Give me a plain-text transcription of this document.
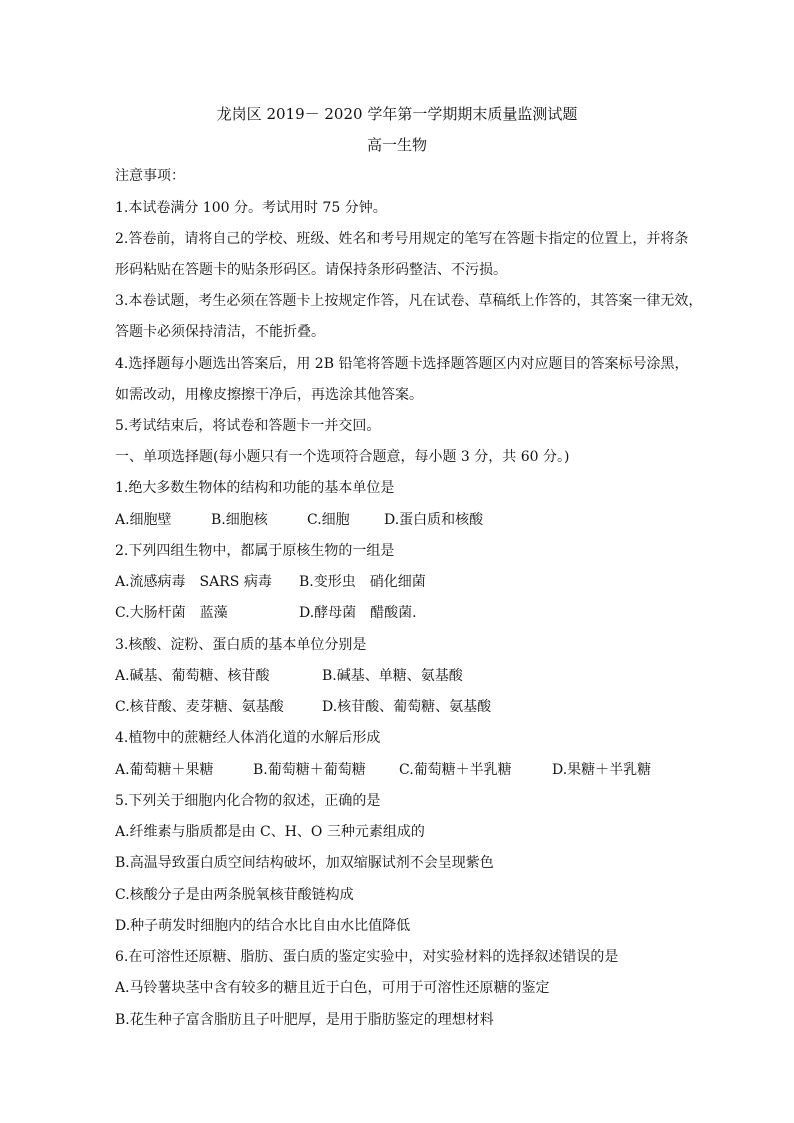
龙岗区 2019－ 2020 学年第一学期期末质量监测试题
高一生物
注意事项：
1.本试卷满分 100 分。考试用时 75 分钟。
2.答卷前，请将自己的学校、班级、姓名和考号用规定的笔写在答题卡指定的位置上，并将条
形码粘贴在答题卡的贴条形码区。请保持条形码整洁、不污损。
3.本卷试题，考生必须在答题卡上按规定作答，凡在试卷、草稿纸上作答的，其答案一律无效，
答题卡必须保持清洁，不能折叠。
4.选择题每小题选出答案后，用 2B 铅笔将答题卡选择题答题区内对应题目的答案标号涂黑，
如需改动，用橡皮擦擦干净后，再选涂其他答案。
5.考试结束后，将试卷和答题卡一并交回。
一、单项选择题(每小题只有一个选项符合题意，每小题 3 分，共 60 分。)
1.绝大多数生物体的结构和功能的基本单位是
A.细胞壁	B.细胞核	C.细胞 D.蛋白质和核酸
2.下列四组生物中，都属于原核生物的一组是
A.流感病毒　SARS 病毒 B.变形虫　硝化细菌
C.大肠杆菌　蓝藻	D.酵母菌　醋酸菌.
3.核酸、淀粉、蛋白质的基本单位分别是
A.碱基、葡萄糖、核苷酸	B.碱基、单糖、氨基酸
C.核苷酸、麦芽糖、氨基酸	D.核苷酸、葡萄糖、氨基酸
4.植物中的蔗糖经人体消化道的水解后形成
A.葡萄糖＋果糖	B.葡萄糖＋葡萄糖 C.葡萄糖＋半乳糖	D.果糖＋半乳糖
5.下列关于细胞内化合物的叙述，正确的是
A.纤维素与脂质都是由 C、H、O 三种元素组成的
B.高温导致蛋白质空间结构破坏，加双缩脲试剂不会呈现紫色
C.核酸分子是由两条脱氧核苷酸链构成
D.种子萌发时细胞内的结合水比自由水比值降低
6.在可溶性还原糖、脂肪、蛋白质的鉴定实验中，对实验材料的选择叙述错误的是
A.马铃薯块茎中含有较多的糖且近于白色，可用于可溶性还原糖的鉴定
B.花生种子富含脂肪且子叶肥厚，是用于脂肪鉴定的理想材料
